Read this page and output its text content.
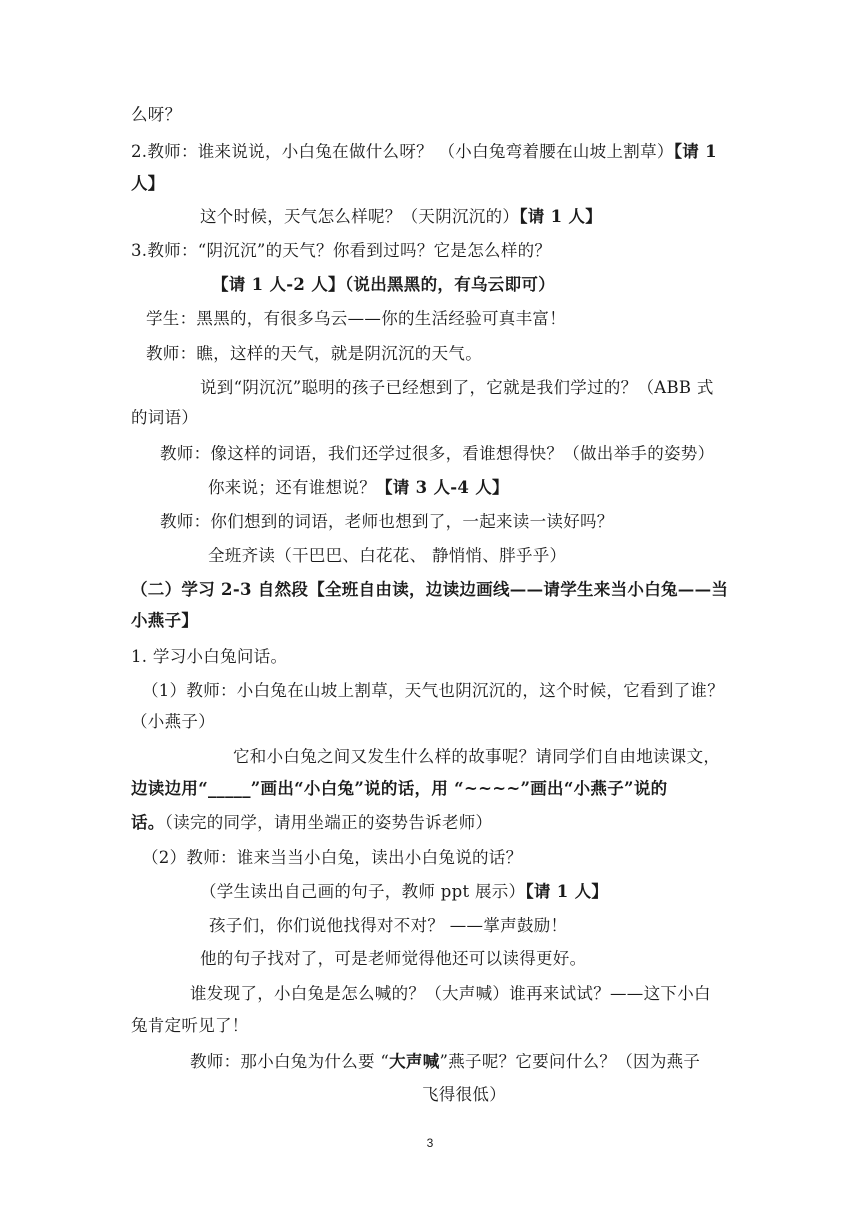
么呀？
2.教师：谁来说说，小白兔在做什么呀？ （小白兔弯着腰在山坡上割草）【请 1
人】
这个时候，天气怎么样呢？（天阴沉沉的）【请 1 人】
3.教师：“阴沉沉”的天气？你看到过吗？它是怎么样的？
【请 1 人-2 人】（说出黑黑的，有乌云即可）
学生：黑黑的，有很多乌云——你的生活经验可真丰富！
教师：瞧，这样的天气，就是阴沉沉的天气。
说到“阴沉沉”聪明的孩子已经想到了，它就是我们学过的？（ABB 式
的词语）
教师：像这样的词语，我们还学过很多，看谁想得快？（做出举手的姿势）
你来说；还有谁想说？【请 3 人-4 人】
教师：你们想到的词语，老师也想到了，一起来读一读好吗？
全班齐读（干巴巴、白花花、 静悄悄、胖乎乎）
（二）学习 2-3 自然段【全班自由读，边读边画线——请学生来当小白兔——当
小燕子】
1. 学习小白兔问话。
（1）教师：小白兔在山坡上割草，天气也阴沉沉的，这个时候，它看到了谁？
（小燕子）
它和小白兔之间又发生什么样的故事呢？请同学们自由地读课文，
边读边用“_____”画出“小白兔”说的话，用 “~~~~”画出“小燕子”说的
话。（读完的同学，请用坐端正的姿势告诉老师）
（2）教师：谁来当当小白兔，读出小白兔说的话？
（学生读出自己画的句子，教师 ppt 展示）【请 1 人】
孩子们，你们说他找得对不对？ ——掌声鼓励！
他的句子找对了，可是老师觉得他还可以读得更好。
谁发现了，小白兔是怎么喊的？（大声喊）谁再来试试？——这下小白
兔肯定听见了！
教师：那小白兔为什么要 “大声喊”燕子呢？它要问什么？（因为燕子
飞得很低）
3
